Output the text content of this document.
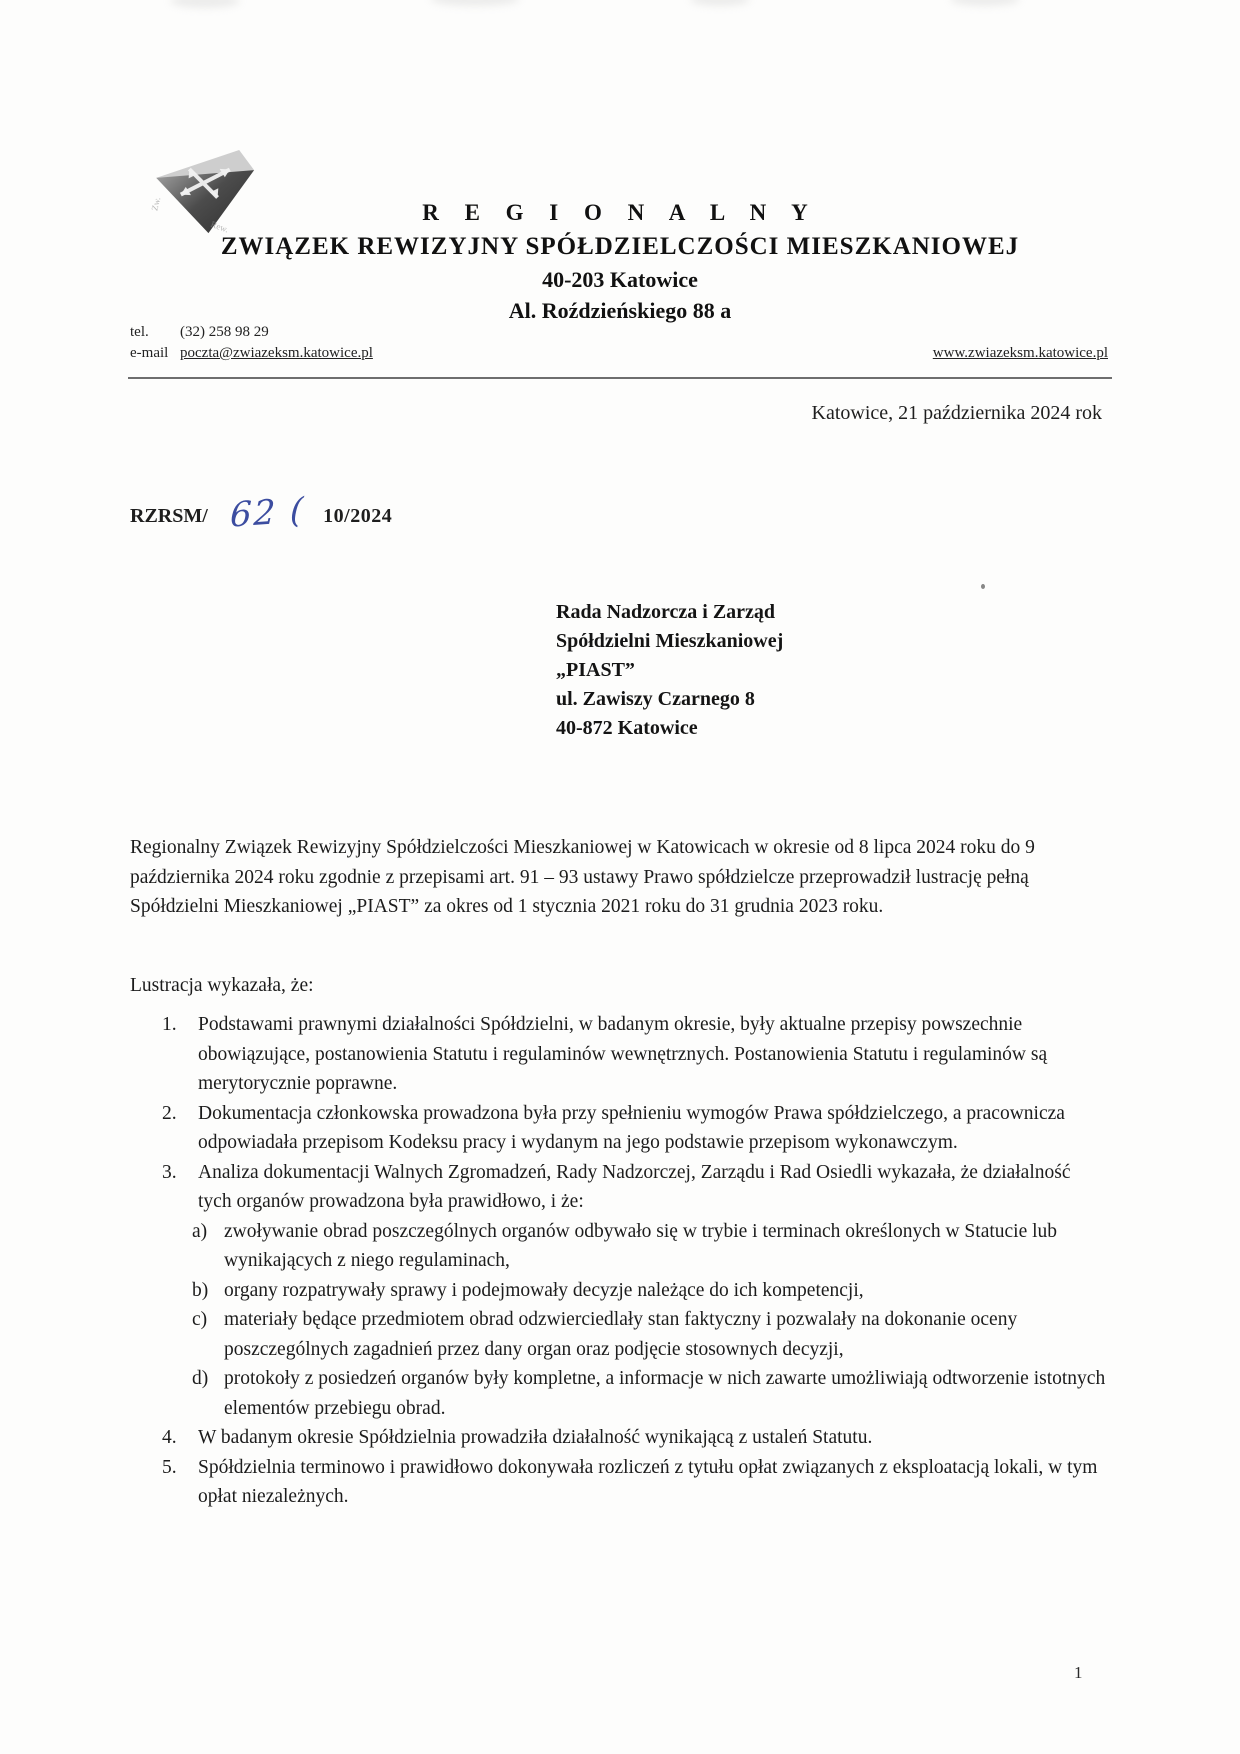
Zw.
Rew.
R E G I O N A L N Y
ZWIĄZEK REWIZYJNY SPÓŁDZIELCZOŚCI MIESZKANIOWEJ
40-203 Katowice
Al. Roździeńskiego 88 a
tel.	(32) 258 98 29
e-mail poczta@zwiazeksm.katowice.pl	www.zwiazeksm.katowice.pl
Katowice, 21 października 2024 rok
RZRSM/ 62 ( 10/2024
Rada Nadzorcza i Zarząd
Spółdzielni Mieszkaniowej
„PIAST”
ul. Zawiszy Czarnego 8
40-872 Katowice

Regionalny Związek Rewizyjny Spółdzielczości Mieszkaniowej w Katowicach w okresie od 8 lipca 2024 roku do 9 października 2024 roku zgodnie z przepisami art. 91 – 93 ustawy Prawo spółdzielcze przeprowadził lustrację pełną Spółdzielni Mieszkaniowej „PIAST” za okres od 1 stycznia 2021 roku do 31 grudnia 2023 roku.

Lustracja wykazała, że:
1.	Podstawami prawnymi działalności Spółdzielni, w badanym okresie, były aktualne przepisy powszechnie obowiązujące, postanowienia Statutu i regulaminów wewnętrznych. Postanowienia Statutu i regulaminów są merytorycznie poprawne.
2.	Dokumentacja członkowska prowadzona była przy spełnieniu wymogów Prawa spółdzielczego, a pracownicza odpowiadała przepisom Kodeksu pracy i wydanym na jego podstawie przepisom wykonawczym.
3.	Analiza dokumentacji Walnych Zgromadzeń, Rady Nadzorczej, Zarządu i Rad Osiedli wykazała, że działalność tych organów prowadzona była prawidłowo, i że:
a) zwoływanie obrad poszczególnych organów odbywało się w trybie i terminach określonych w Statucie lub wynikających z niego regulaminach,
b) organy rozpatrywały sprawy i podejmowały decyzje należące do ich kompetencji,
c) materiały będące przedmiotem obrad odzwierciedlały stan faktyczny i pozwalały na dokonanie oceny poszczególnych zagadnień przez dany organ oraz podjęcie stosownych decyzji,
d) protokoły z posiedzeń organów były kompletne, a informacje w nich zawarte umożliwiają odtworzenie istotnych elementów przebiegu obrad.
4.	W badanym okresie Spółdzielnia prowadziła działalność wynikającą z ustaleń Statutu.
5.	Spółdzielnia terminowo i prawidłowo dokonywała rozliczeń z tytułu opłat związanych z eksploatacją lokali, w tym opłat niezależnych.
1
